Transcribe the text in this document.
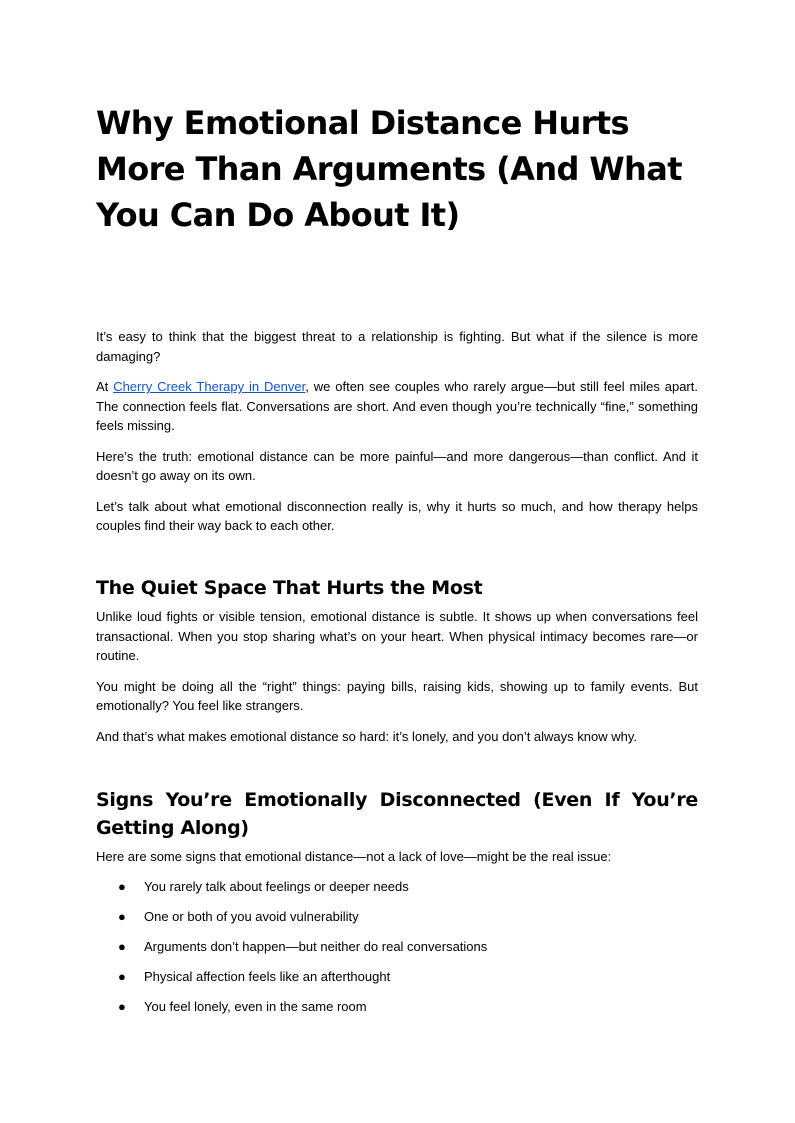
Why Emotional Distance Hurts More Than Arguments (And What You Can Do About It)

It’s easy to think that the biggest threat to a relationship is fighting. But what if the silence is more damaging?

At Cherry Creek Therapy in Denver, we often see couples who rarely argue—but still feel miles apart. The connection feels flat. Conversations are short. And even though you’re technically “fine,” something feels missing.

Here’s the truth: emotional distance can be more painful—and more dangerous—than conflict. And it doesn’t go away on its own.

Let’s talk about what emotional disconnection really is, why it hurts so much, and how therapy helps couples find their way back to each other.

The Quiet Space That Hurts the Most

Unlike loud fights or visible tension, emotional distance is subtle. It shows up when conversations feel transactional. When you stop sharing what’s on your heart. When physical intimacy becomes rare—or routine.

You might be doing all the “right” things: paying bills, raising kids, showing up to family events. But emotionally? You feel like strangers.

And that’s what makes emotional distance so hard: it’s lonely, and you don’t always know why.

Signs You’re Emotionally Disconnected (Even If You’re Getting Along)

Here are some signs that emotional distance—not a lack of love—might be the real issue:

● You rarely talk about feelings or deeper needs
● One or both of you avoid vulnerability
● Arguments don’t happen—but neither do real conversations
● Physical affection feels like an afterthought
● You feel lonely, even in the same room
